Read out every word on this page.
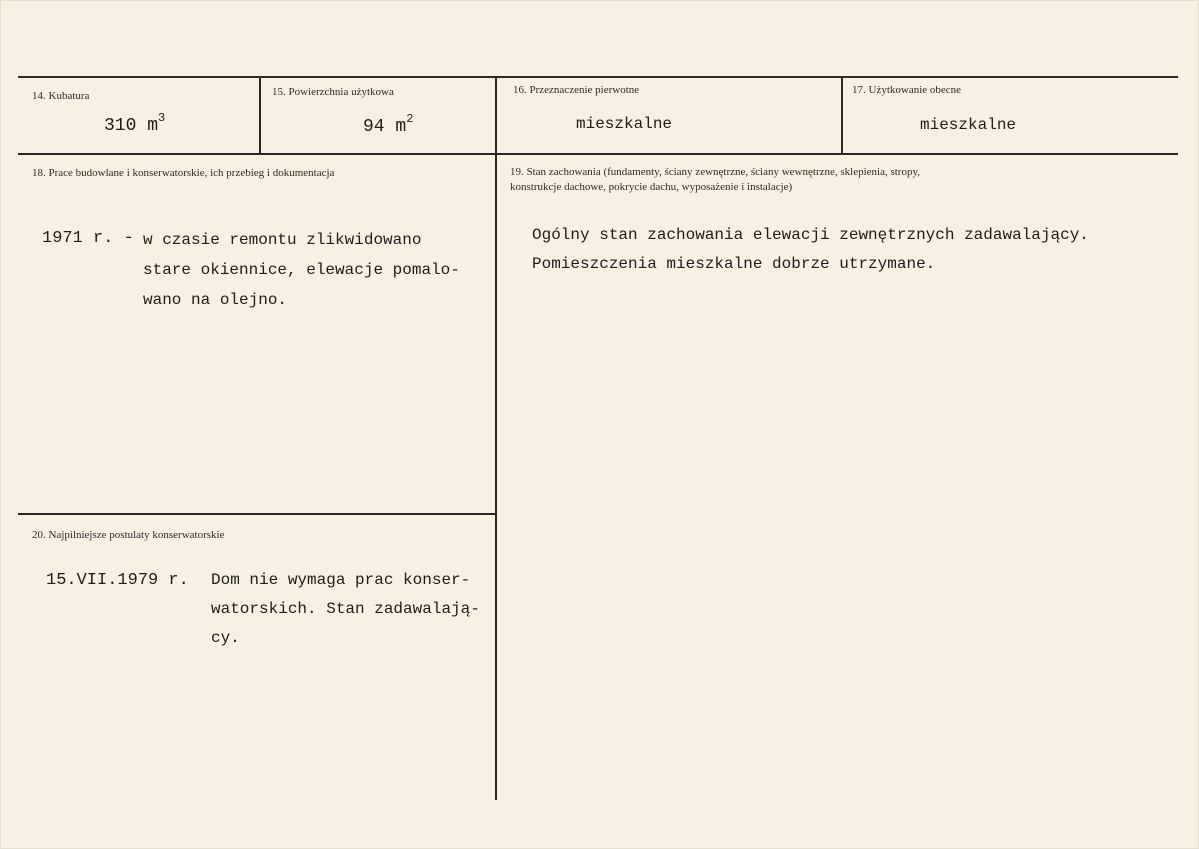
14. Kubatura
310 $m^3$
15. Powierzchnia użytkowa
94 $m^2$
16. Przeznaczenie pierwotne
mieszkalne
17. Użytkowanie obecne
mieszkalne
18. Prace budowlane i konserwatorskie, ich przebieg i dokumentacja
1971 r. - w czasie remontu zlikwidowano
stare okiennice, elewacje pomalo-
wano na olejno.
19. Stan zachowania (fundamenty, ściany zewnętrzne, ściany wewnętrzne, sklepienia, stropy,
konstrukcje dachowe, pokrycie dachu, wyposażenie i instalacje)
Ogólny stan zachowania elewacji zewnętrznych zadawalający.
Pomieszczenia mieszkalne dobrze utrzymane.
20. Najpilniejsze postulaty konserwatorskie
15.VII.1979 r. Dom nie wymaga prac konser-
watorskich. Stan zadawalają-
cy.
